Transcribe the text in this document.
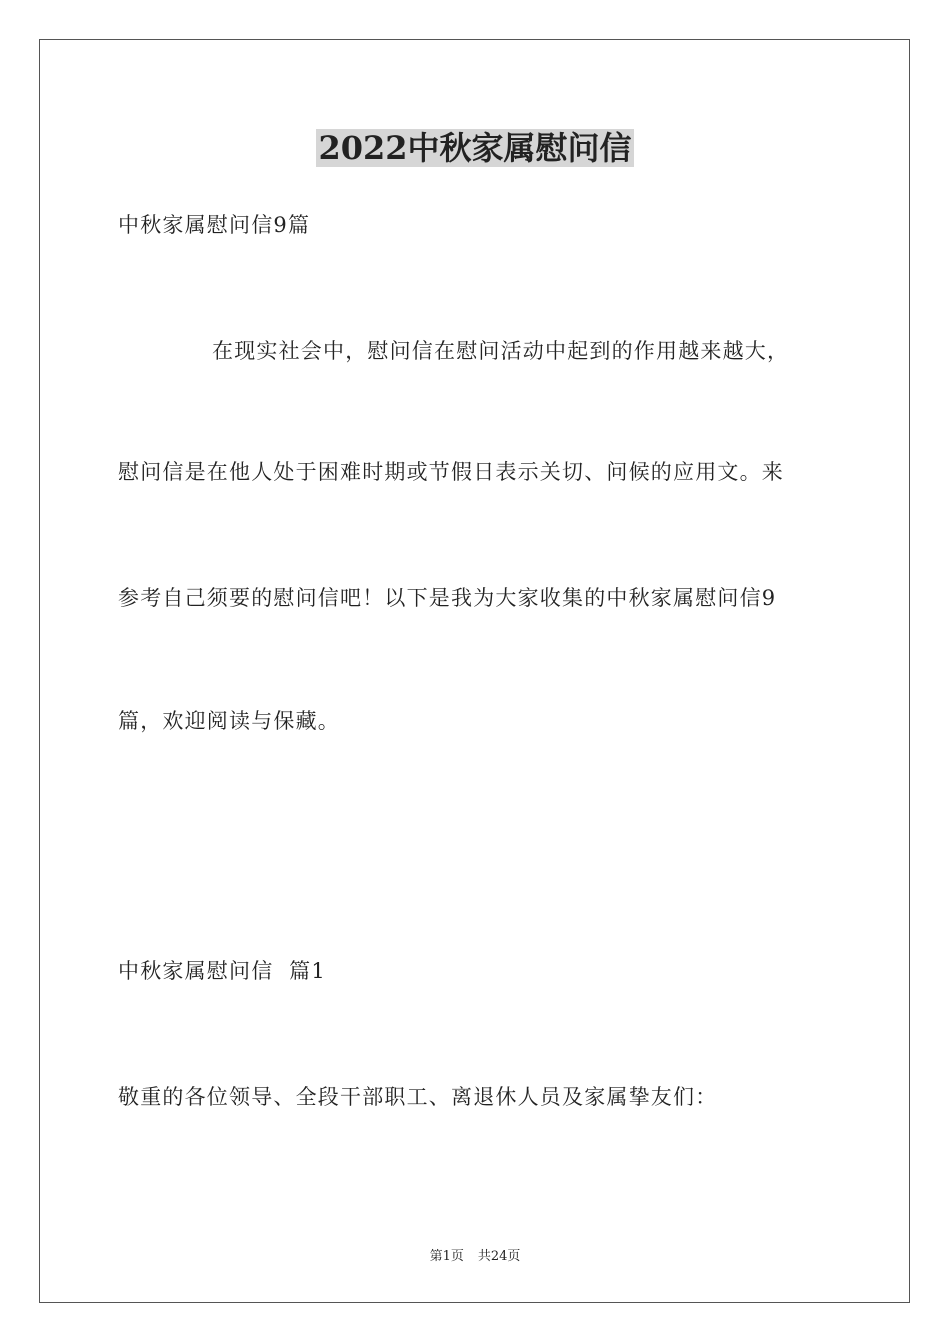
2022中秋家属慰问信
中秋家属慰问信9篇
在现实社会中，慰问信在慰问活动中起到的作用越来越大，
慰问信是在他人处于困难时期或节假日表示关切、问候的应用文。来
参考自己须要的慰问信吧！以下是我为大家收集的中秋家属慰问信9
篇，欢迎阅读与保藏。
中秋家属慰问信  篇1
敬重的各位领导、全段干部职工、离退休人员及家属挚友们：
第1页 共24页
